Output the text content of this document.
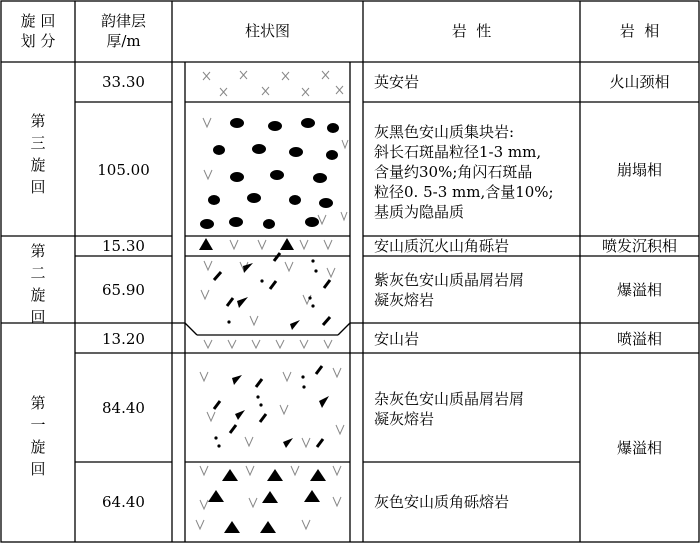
旋 回
划 分
韵律层
厚/m
柱状图	岩  性	岩  相
第
三
旋
回
第
二
旋
回
第
一
旋
回
33.30
105.00
15.30
65.90
13.20
84.40
64.40
英安岩
灰黑色安山质集块岩:
斜长石斑晶粒径1-3 mm,
含量约30%;角闪石斑晶
粒径0. 5-3 mm,含量10%;
基质为隐晶质
安山质沉火山角砾岩
紫灰色安山质晶屑岩屑
凝灰熔岩
安山岩
杂灰色安山质晶屑岩屑
凝灰熔岩
灰色安山质角砾熔岩
火山颈相
崩塌相
喷发沉积相
爆溢相
喷溢相
爆溢相
